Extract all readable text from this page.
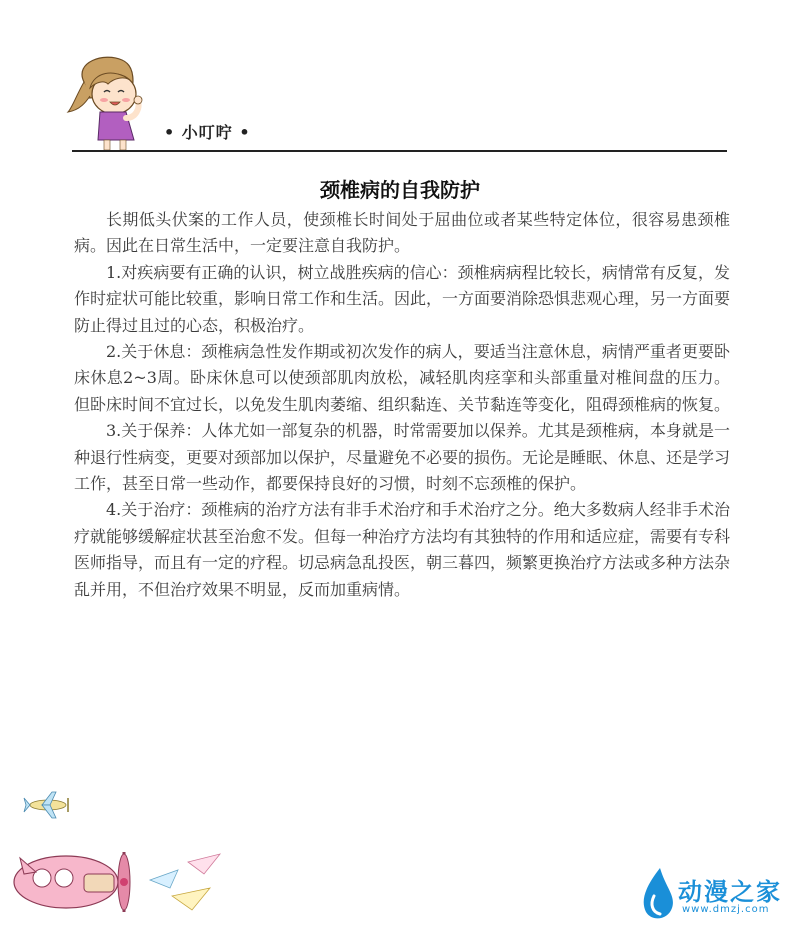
• 小叮咛 •
颈椎病的自我防护

长期低头伏案的工作人员，使颈椎长时间处于屈曲位或者某些特定体位，很容易患颈椎病。因此在日常生活中，一定要注意自我防护。

1.对疾病要有正确的认识，树立战胜疾病的信心：颈椎病病程比较长，病情常有反复，发作时症状可能比较重，影响日常工作和生活。因此，一方面要消除恐惧悲观心理，另一方面要防止得过且过的心态，积极治疗。

2.关于休息：颈椎病急性发作期或初次发作的病人，要适当注意休息，病情严重者更要卧床休息2~3周。卧床休息可以使颈部肌肉放松，减轻肌肉痉挛和头部重量对椎间盘的压力。但卧床时间不宜过长，以免发生肌肉萎缩、组织黏连、关节黏连等变化，阻碍颈椎病的恢复。

3.关于保养：人体尤如一部复杂的机器，时常需要加以保养。尤其是颈椎病，本身就是一种退行性病变，更要对颈部加以保护，尽量避免不必要的损伤。无论是睡眠、休息、还是学习工作，甚至日常一些动作，都要保持良好的习惯，时刻不忘颈椎的保护。

4.关于治疗：颈椎病的治疗方法有非手术治疗和手术治疗之分。绝大多数病人经非手术治疗就能够缓解症状甚至治愈不发。但每一种治疗方法均有其独特的作用和适应症，需要有专科医师指导，而且有一定的疗程。切忌病急乱投医，朝三暮四，频繁更换治疗方法或多种方法杂乱并用，不但治疗效果不明显，反而加重病情。

动漫之家
www.dmzj.com
